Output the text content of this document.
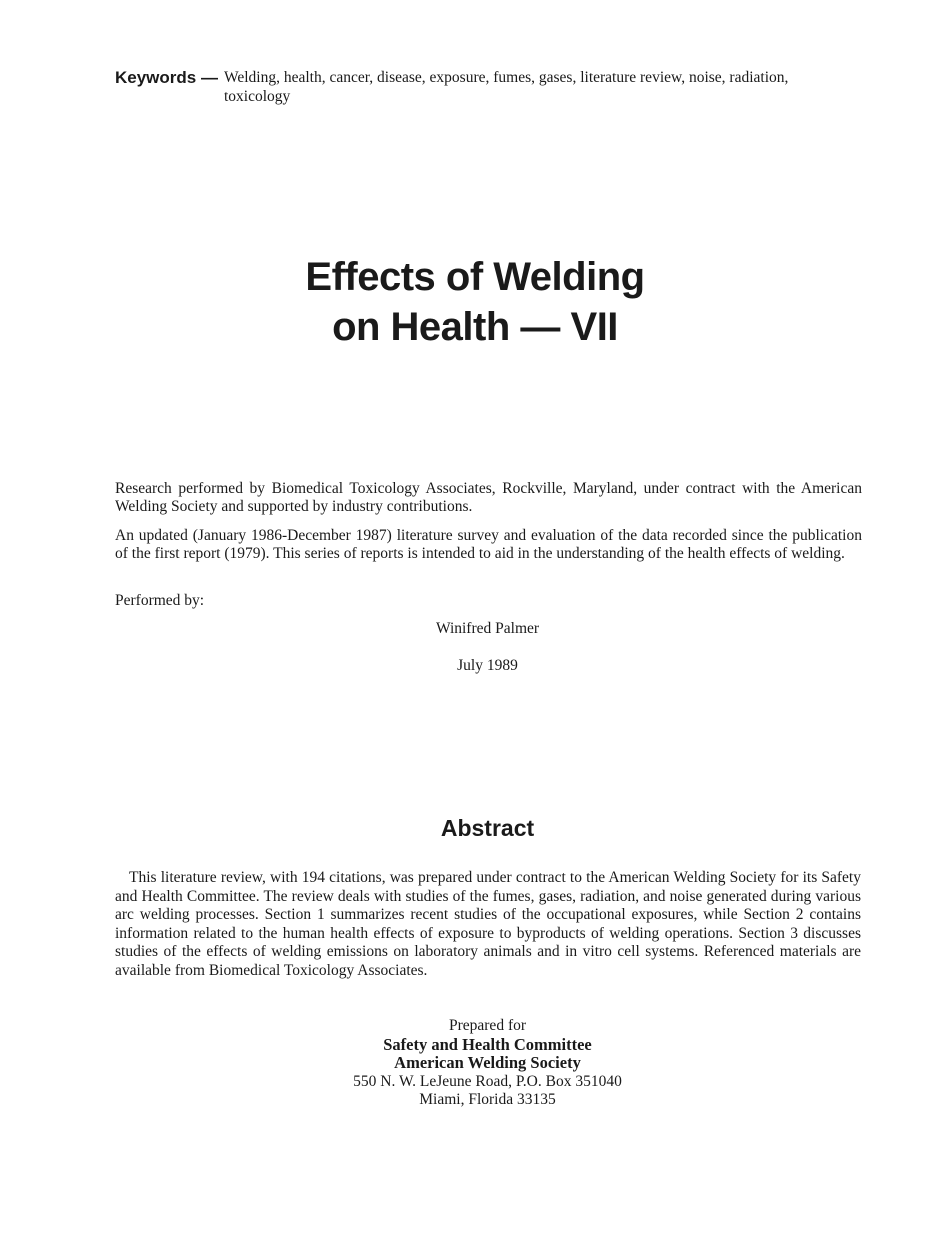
Keywords — Welding, health, cancer, disease, exposure, fumes, gases, literature review, noise, radiation, toxicology
Effects of Welding
on Health — VII

Research performed by Biomedical Toxicology Associates, Rockville, Maryland, under contract with the American Welding Society and supported by industry contributions.

An updated (January 1986-December 1987) literature survey and evaluation of the data recorded since the publication of the first report (1979). This series of reports is intended to aid in the understanding of the health effects of welding.

Performed by:

Winifred Palmer
July 1989
Abstract

This literature review, with 194 citations, was prepared under contract to the American Welding Society for its Safety and Health Committee. The review deals with studies of the fumes, gases, radiation, and noise generated during various arc welding processes. Section 1 summarizes recent studies of the occupational exposures, while Section 2 contains information related to the human health effects of exposure to byproducts of welding operations. Section 3 discusses studies of the effects of welding emissions on laboratory animals and in vitro cell systems. Referenced materials are available from Biomedical Toxicology Associates.

Prepared for
Safety and Health Committee
American Welding Society
550 N. W. LeJeune Road, P.O. Box 351040
Miami, Florida 33135
